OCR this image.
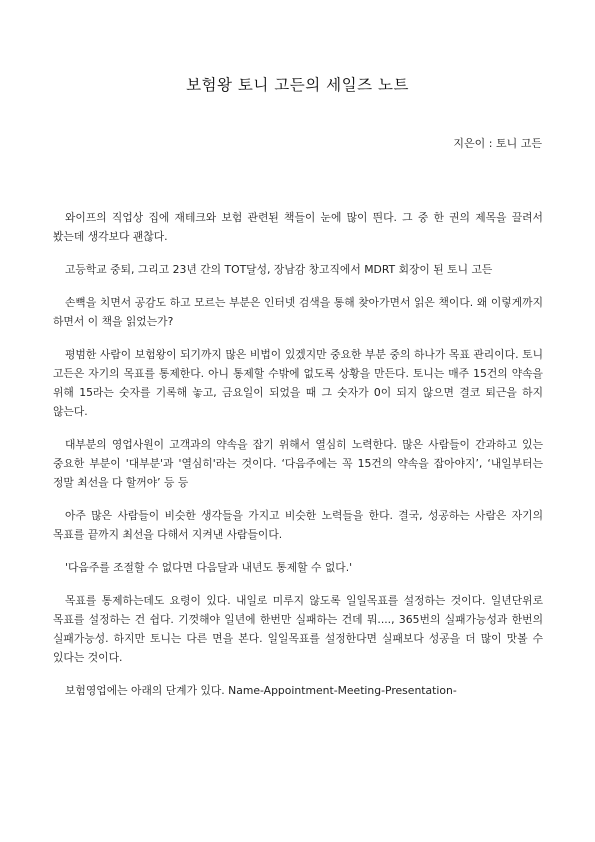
보험왕 토니 고든의 세일즈 노트
지은이 : 토니 고든

와이프의 직업상 집에 재테크와 보험 관련된 책들이 눈에 많이 띈다. 그 중 한 권의 제목을 끌려서 봤는데 생각보다 괜찮다.

고등학교 중퇴, 그리고 23년 간의 TOT달성, 장남감 창고직에서 MDRT 회장이 된 토니 고든

손뼉을 치면서 공감도 하고 모르는 부분은 인터넷 검색을 통해 찾아가면서 읽은 책이다. 왜 이렇게까지 하면서 이 책을 읽었는가?

평범한 사람이 보험왕이 되기까지 많은 비법이 있겠지만 중요한 부분 중의 하나가 목표 관리이다. 토니 고든은 자기의 목표를 통제한다. 아니 통제할 수밖에 없도록 상황을 만든다. 토니는 매주 15건의 약속을 위해 15라는 숫자를 기록해 놓고, 금요일이 되었을 때 그 숫자가 0이 되지 않으면 결코 퇴근을 하지 않는다.

대부분의 영업사원이 고객과의 약속을 잡기 위해서 열심히 노력한다. 많은 사람들이 간과하고 있는 중요한 부분이 '대부분'과 '열심히'라는 것이다. ‘다음주에는 꼭 15건의 약속을 잡아야지’, ‘내일부터는 정말 최선을 다 할꺼야’ 등 등

아주 많은 사람들이 비슷한 생각들을 가지고 비슷한 노력들을 한다. 결국, 성공하는 사람은 자기의 목표를 끝까지 최선을 다해서 지켜낸 사람들이다.

'다음주를 조절할 수 없다면 다음달과 내년도 통제할 수 없다.'

목표를 통제하는데도 요령이 있다. 내일로 미루지 않도록 일일목표를 설정하는 것이다. 일년단위로 목표를 설정하는 건 쉽다. 기껏해야 일년에 한번만 실패하는 건데 뭐...., 365번의 실패가능성과 한번의 실패가능성. 하지만 토니는 다른 면을 본다. 일일목표를 설정한다면 실패보다 성공을 더 많이 맛볼 수 있다는 것이다.

보험영업에는 아래의 단계가 있다. Name-Appointment-Meeting-Presentation-
